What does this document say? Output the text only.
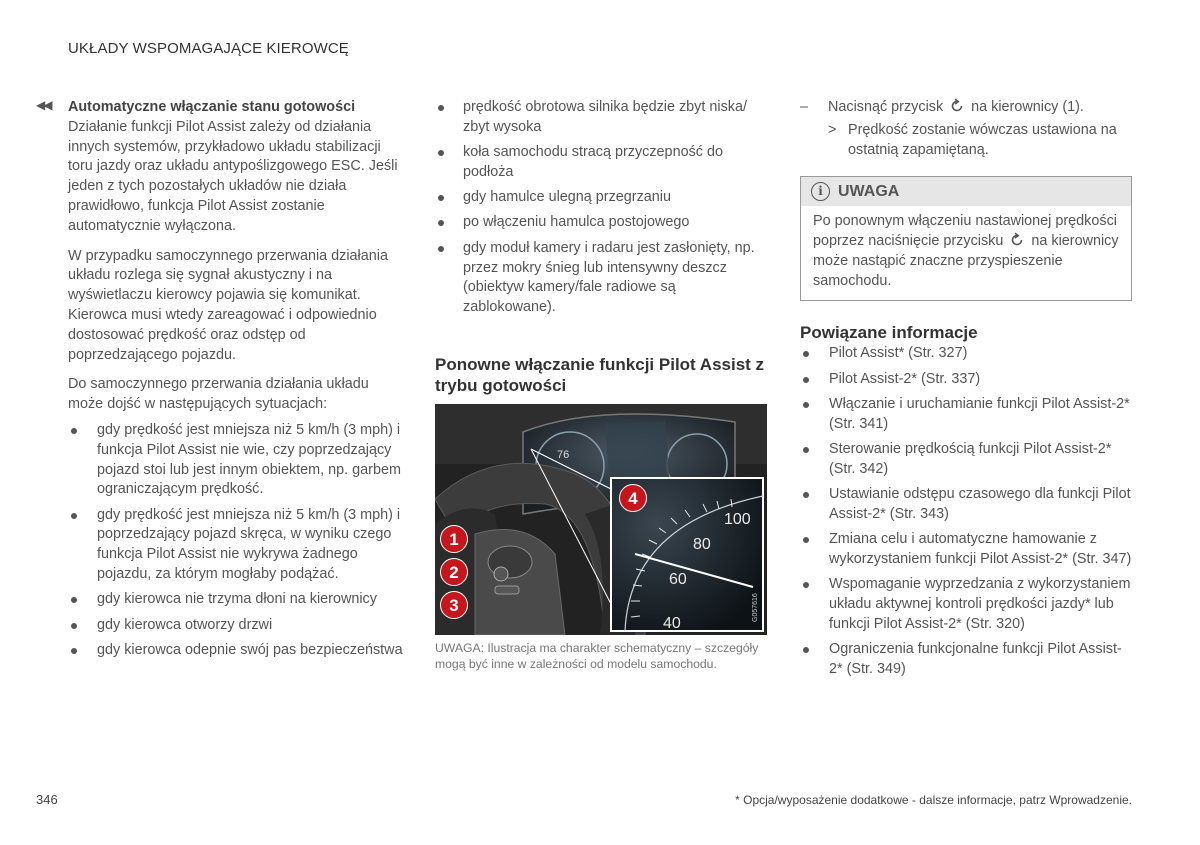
UKŁADY WSPOMAGAJĄCE KIEROWCĘ
◀◀ Automatyczne włączanie stanu gotowości

Działanie funkcji Pilot Assist zależy od działania innych systemów, przykładowo układu stabilizacji toru jazdy oraz układu antypoślizgowego ESC. Jeśli jeden z tych pozostałych układów nie działa prawidłowo, funkcja Pilot Assist zostanie automatycznie wyłączona.

W przypadku samoczynnego przerwania działania układu rozlega się sygnał akustyczny i na wyświetlaczu kierowcy pojawia się komunikat. Kierowca musi wtedy zareagować i odpowiednio dostosować prędkość oraz odstęp od poprzedzającego pojazdu.

Do samoczynnego przerwania działania układu może dojść w następujących sytuacjach:

gdy prędkość jest mniejsza niż 5 km/h (3 mph) i funkcja Pilot Assist nie wie, czy poprzedzający pojazd stoi lub jest innym obiektem, np. garbem ograniczającym prędkość.
gdy prędkość jest mniejsza niż 5 km/h (3 mph) i poprzedzający pojazd skręca, w wyniku czego funkcja Pilot Assist nie wykrywa żadnego pojazdu, za którym mogłaby podążać.
gdy kierowca nie trzyma dłoni na kierownicy
gdy kierowca otworzy drzwi
gdy kierowca odepnie swój pas bezpieczeństwa
prędkość obrotowa silnika będzie zbyt niska/ zbyt wysoka
koła samochodu stracą przyczepność do podłoża
gdy hamulce ulegną przegrzaniu
po włączeniu hamulca postojowego
gdy moduł kamery i radaru jest zasłonięty, np. przez mokry śnieg lub intensywny deszcz (obiektyw kamery/fale radiowe są zablokowane).
Ponowne włączanie funkcji Pilot Assist z trybu gotowości
76
100
80
60
40
G057616
1
2
3
4
UWAGA: Ilustracja ma charakter schematyczny – szczegóły mogą być inne w zależności od modelu samochodu.
– Nacisnąć przycisk na kierownicy (1).
> Prędkość zostanie wówczas ustawiona na ostatnią zapamiętaną.
i UWAGA
Po ponownym włączeniu nastawionej prędkości poprzez naciśnięcie przycisku na kierownicy może nastąpić znaczne przyspieszenie samochodu.
Powiązane informacje
Pilot Assist* (Str. 327)
Pilot Assist-2* (Str. 337)
Włączanie i uruchamianie funkcji Pilot Assist-2* (Str. 341)
Sterowanie prędkością funkcji Pilot Assist-2* (Str. 342)
Ustawianie odstępu czasowego dla funkcji Pilot Assist-2* (Str. 343)
Zmiana celu i automatyczne hamowanie z wykorzystaniem funkcji Pilot Assist-2* (Str. 347)
Wspomaganie wyprzedzania z wykorzystaniem układu aktywnej kontroli prędkości jazdy* lub funkcji Pilot Assist-2* (Str. 320)
Ograniczenia funkcjonalne funkcji Pilot Assist-2* (Str. 349)
346	* Opcja/wyposażenie dodatkowe - dalsze informacje, patrz Wprowadzenie.
